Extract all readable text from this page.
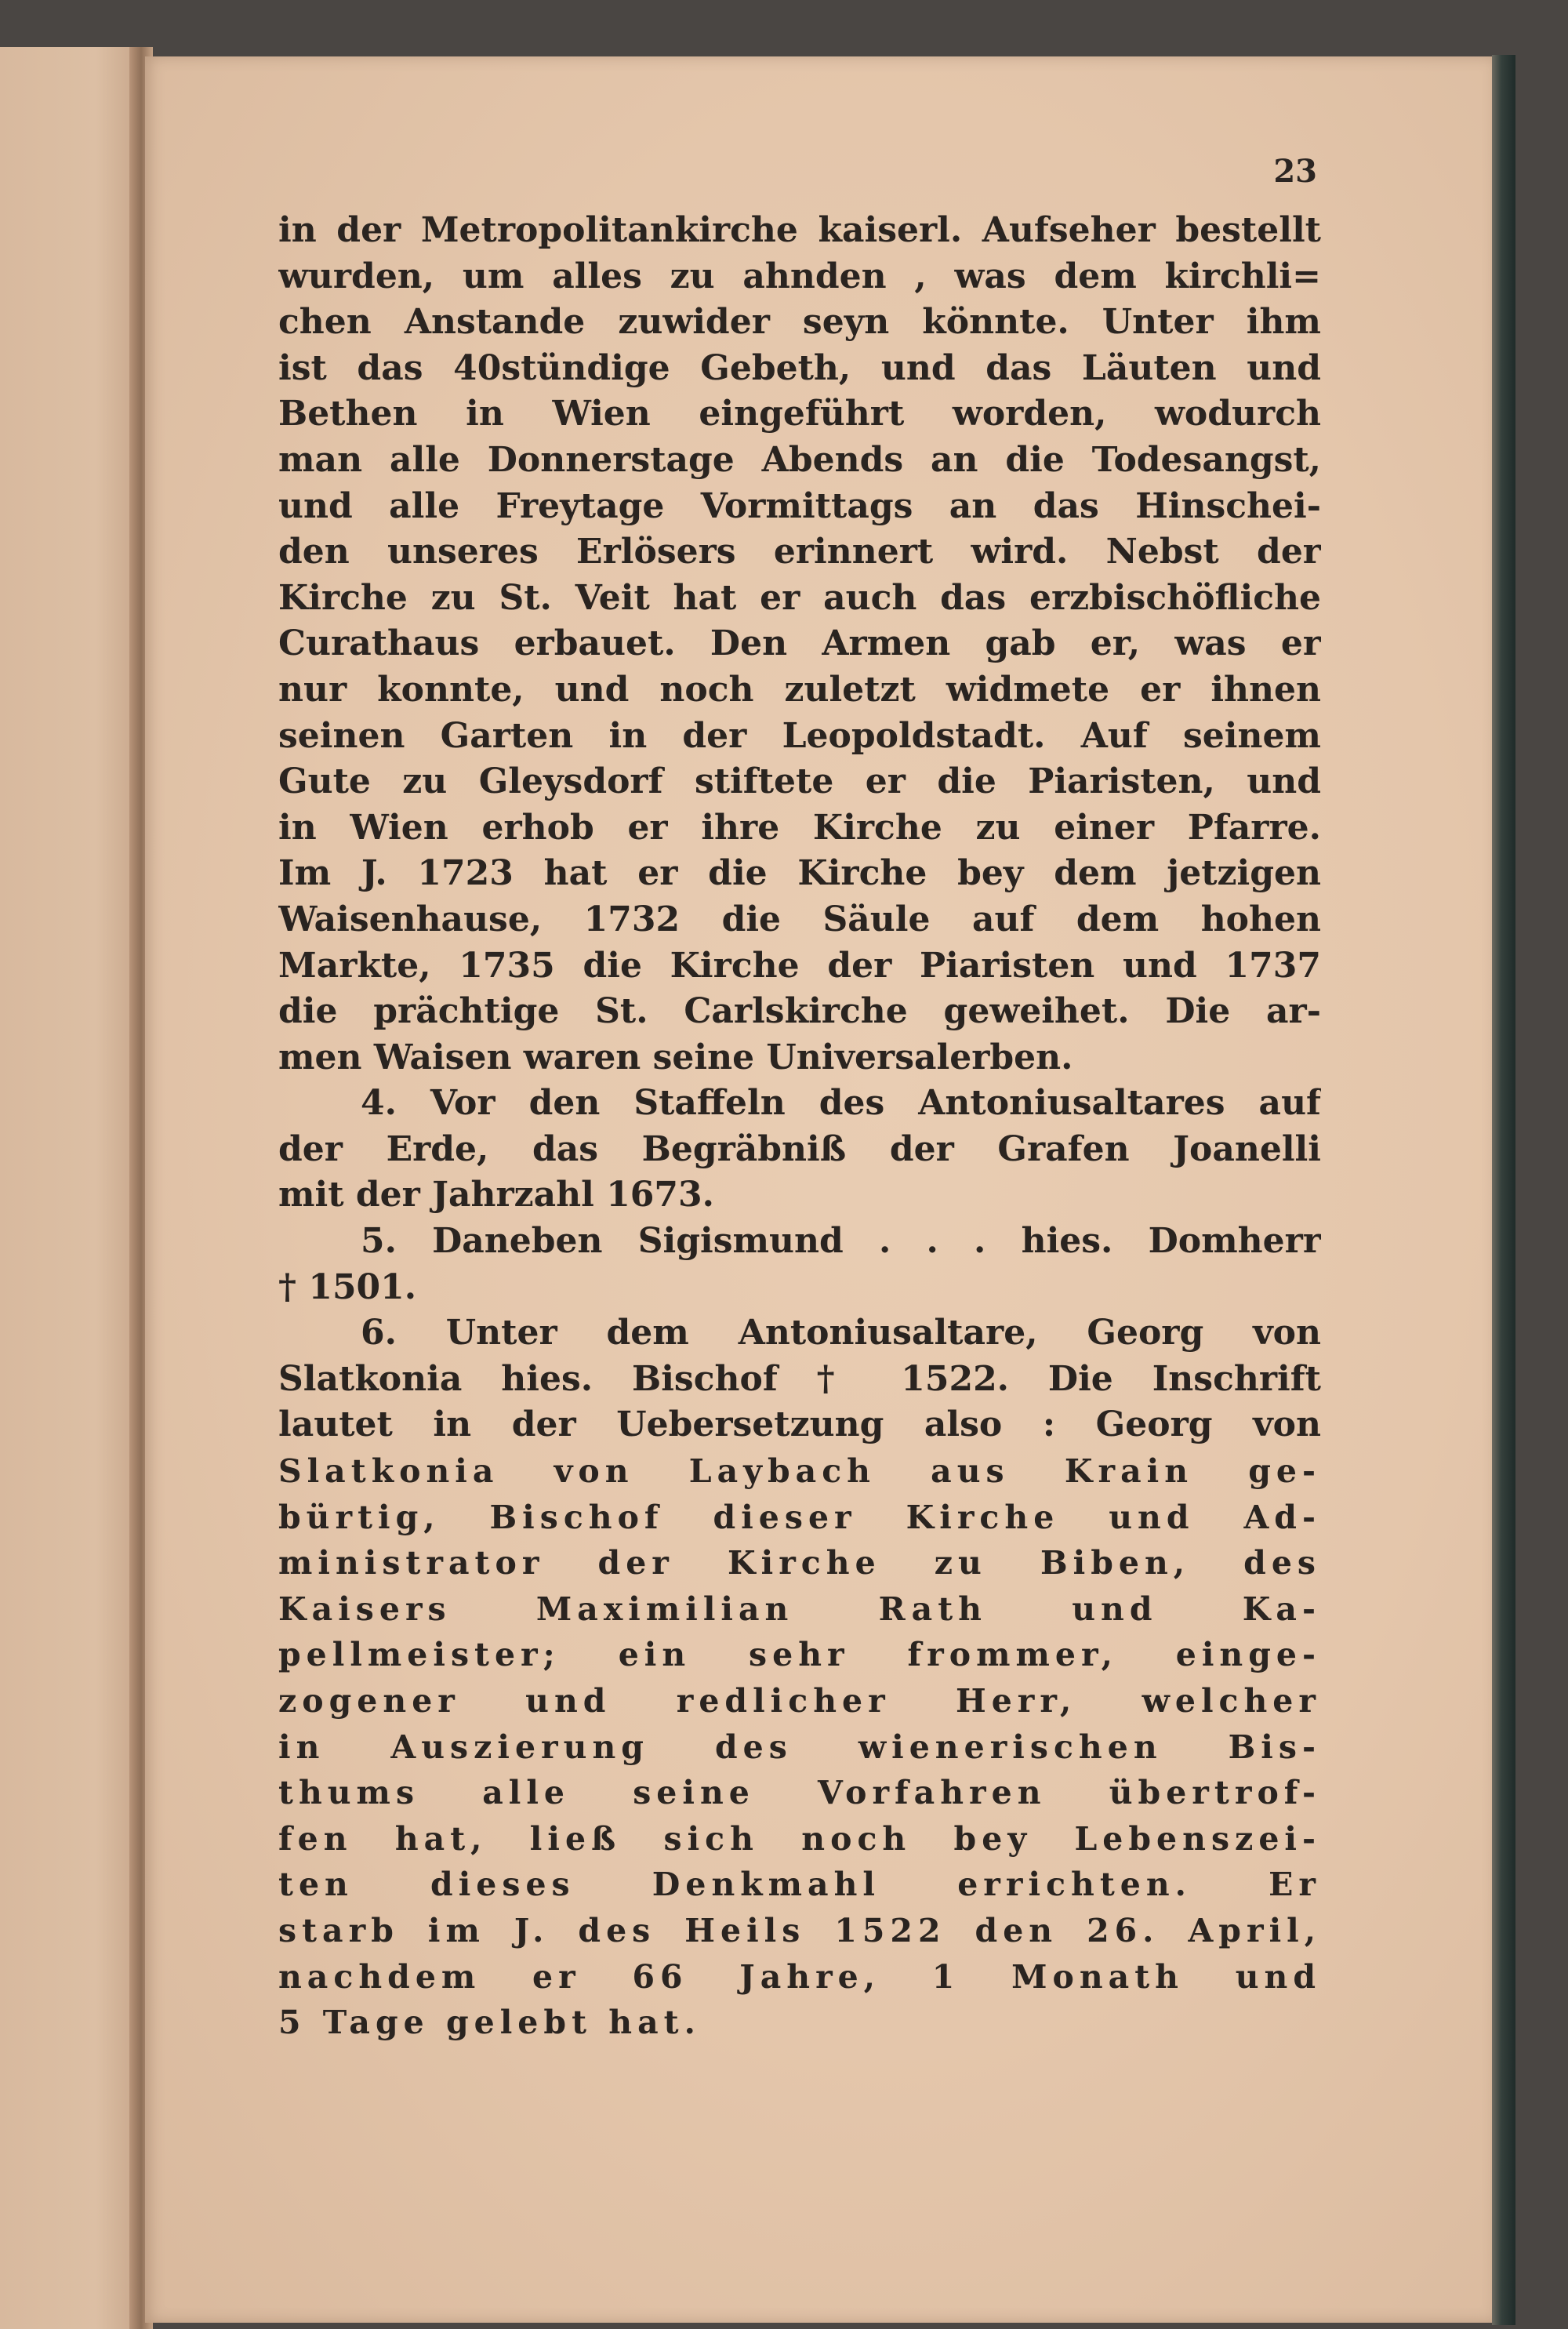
23
in der Metropolitankirche kaiserl. Aufseher bestellt
wurden, um alles zu ahnden , was dem kirchli=
chen Anstande zuwider seyn könnte. Unter ihm
ist das 40stündige Gebeth, und das Läuten und
Bethen in Wien eingeführt worden, wodurch
man alle Donnerstage Abends an die Todesangst,
und alle Freytage Vormittags an das Hinschei-
den unseres Erlösers erinnert wird. Nebst der
Kirche zu St. Veit hat er auch das erzbischöfliche
Curathaus erbauet. Den Armen gab er, was er
nur konnte, und noch zuletzt widmete er ihnen
seinen Garten in der Leopoldstadt. Auf seinem
Gute zu Gleysdorf stiftete er die Piaristen, und
in Wien erhob er ihre Kirche zu einer Pfarre.
Im J. 1723 hat er die Kirche bey dem jetzigen
Waisenhause, 1732 die Säule auf dem hohen
Markte, 1735 die Kirche der Piaristen und 1737
die prächtige St. Carlskirche geweihet. Die ar-
men Waisen waren seine Universalerben.
4. Vor den Staffeln des Antoniusaltares auf
der Erde, das Begräbniß der Grafen Joanelli
mit der Jahrzahl 1673.
5. Daneben Sigismund . . . hies. Domherr
† 1501.
6. Unter dem Antoniusaltare, Georg von
Slatkonia hies. Bischof † 1522. Die Inschrift
lautet in der Uebersetzung also : Georg von
Slatkonia von Laybach aus Krain ge-
bürtig, Bischof dieser Kirche und Ad-
ministrator der Kirche zu Biben, des
Kaisers Maximilian Rath und Ka-
pellmeister; ein sehr frommer, einge-
zogener und redlicher Herr, welcher
in Auszierung des wienerischen Bis-
thums alle seine Vorfahren übertrof-
fen hat, ließ sich noch bey Lebenszei-
ten dieses Denkmahl errichten. Er
starb im J. des Heils 1522 den 26. April,
nachdem er 66 Jahre, 1 Monath und
5 Tage gelebt hat.
